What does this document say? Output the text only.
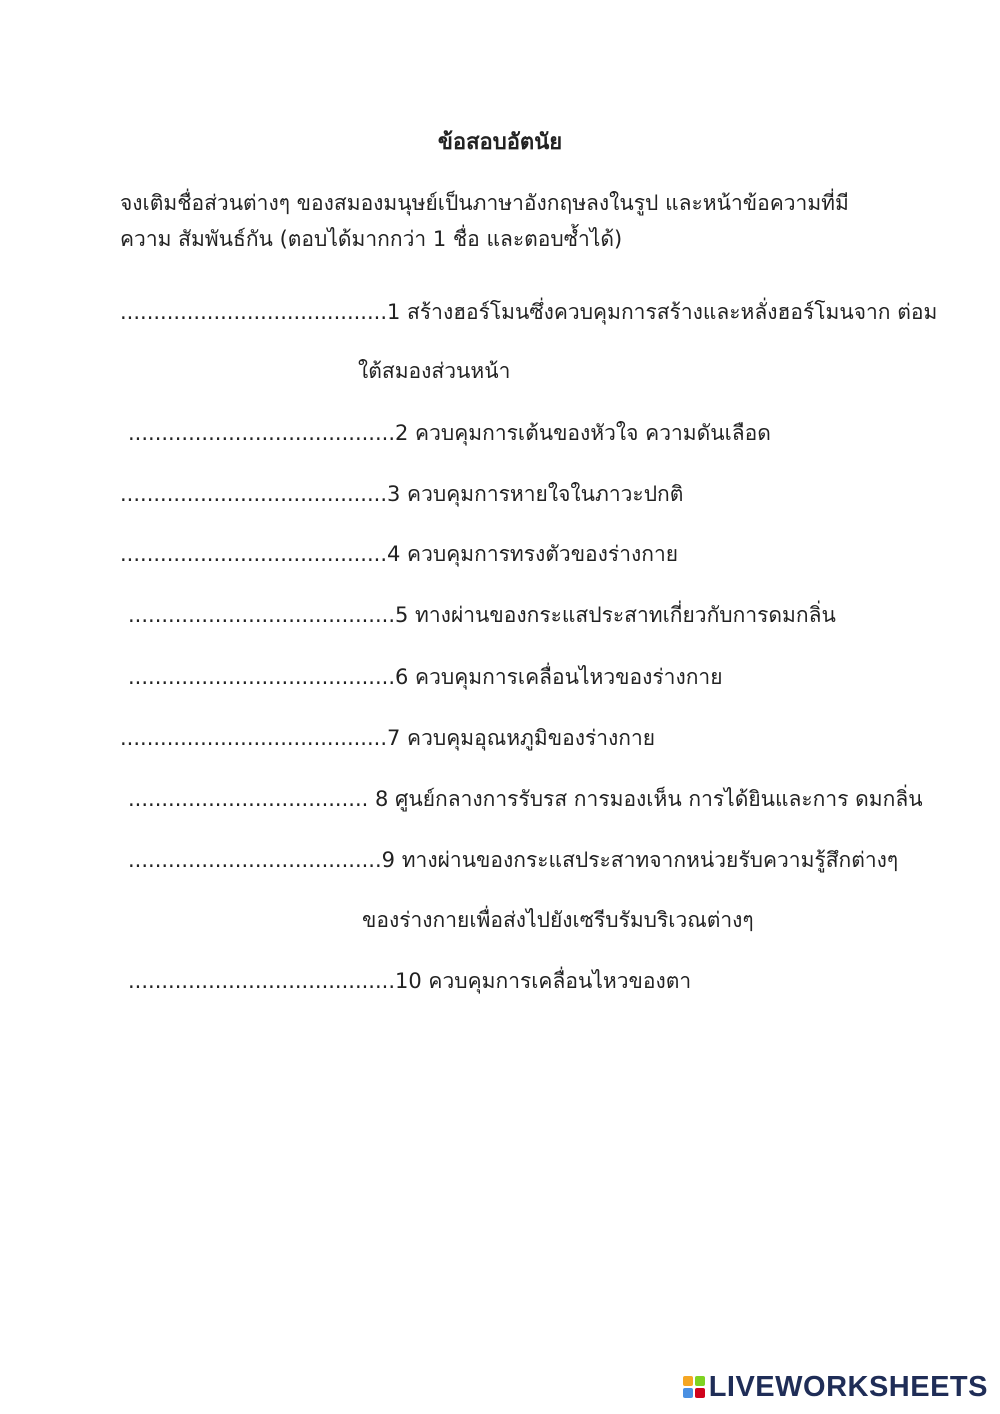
ข้อสอบอัตนัย

จงเติมชื่อส่วนต่างๆ ของสมองมนุษย์เป็นภาษาอังกฤษลงในรูป และหน้าข้อความที่มี ความ สัมพันธ์กัน (ตอบได้มากกว่า 1 ชื่อ และตอบซ้ำได้)

........................................1 สร้างฮอร์โมนซึ่งควบคุมการสร้างและหลั่งฮอร์โมนจาก ต่อม
ใต้สมองส่วนหน้า
........................................2 ควบคุมการเต้นของหัวใจ ความดันเลือด
........................................3 ควบคุมการหายใจในภาวะปกติ
........................................4 ควบคุมการทรงตัวของร่างกาย
........................................5 ทางผ่านของกระแสประสาทเกี่ยวกับการดมกลิ่น
........................................6 ควบคุมการเคลื่อนไหวของร่างกาย
........................................7 ควบคุมอุณหภูมิของร่างกาย
.................................... 8 ศูนย์กลางการรับรส การมองเห็น การได้ยินและการ ดมกลิ่น
......................................9 ทางผ่านของกระแสประสาทจากหน่วยรับความรู้สึกต่างๆ
ของร่างกายเพื่อส่งไปยังเซรีบรัมบริเวณต่างๆ
........................................10 ควบคุมการเคลื่อนไหวของตา
LIVEWORKSHEETS
